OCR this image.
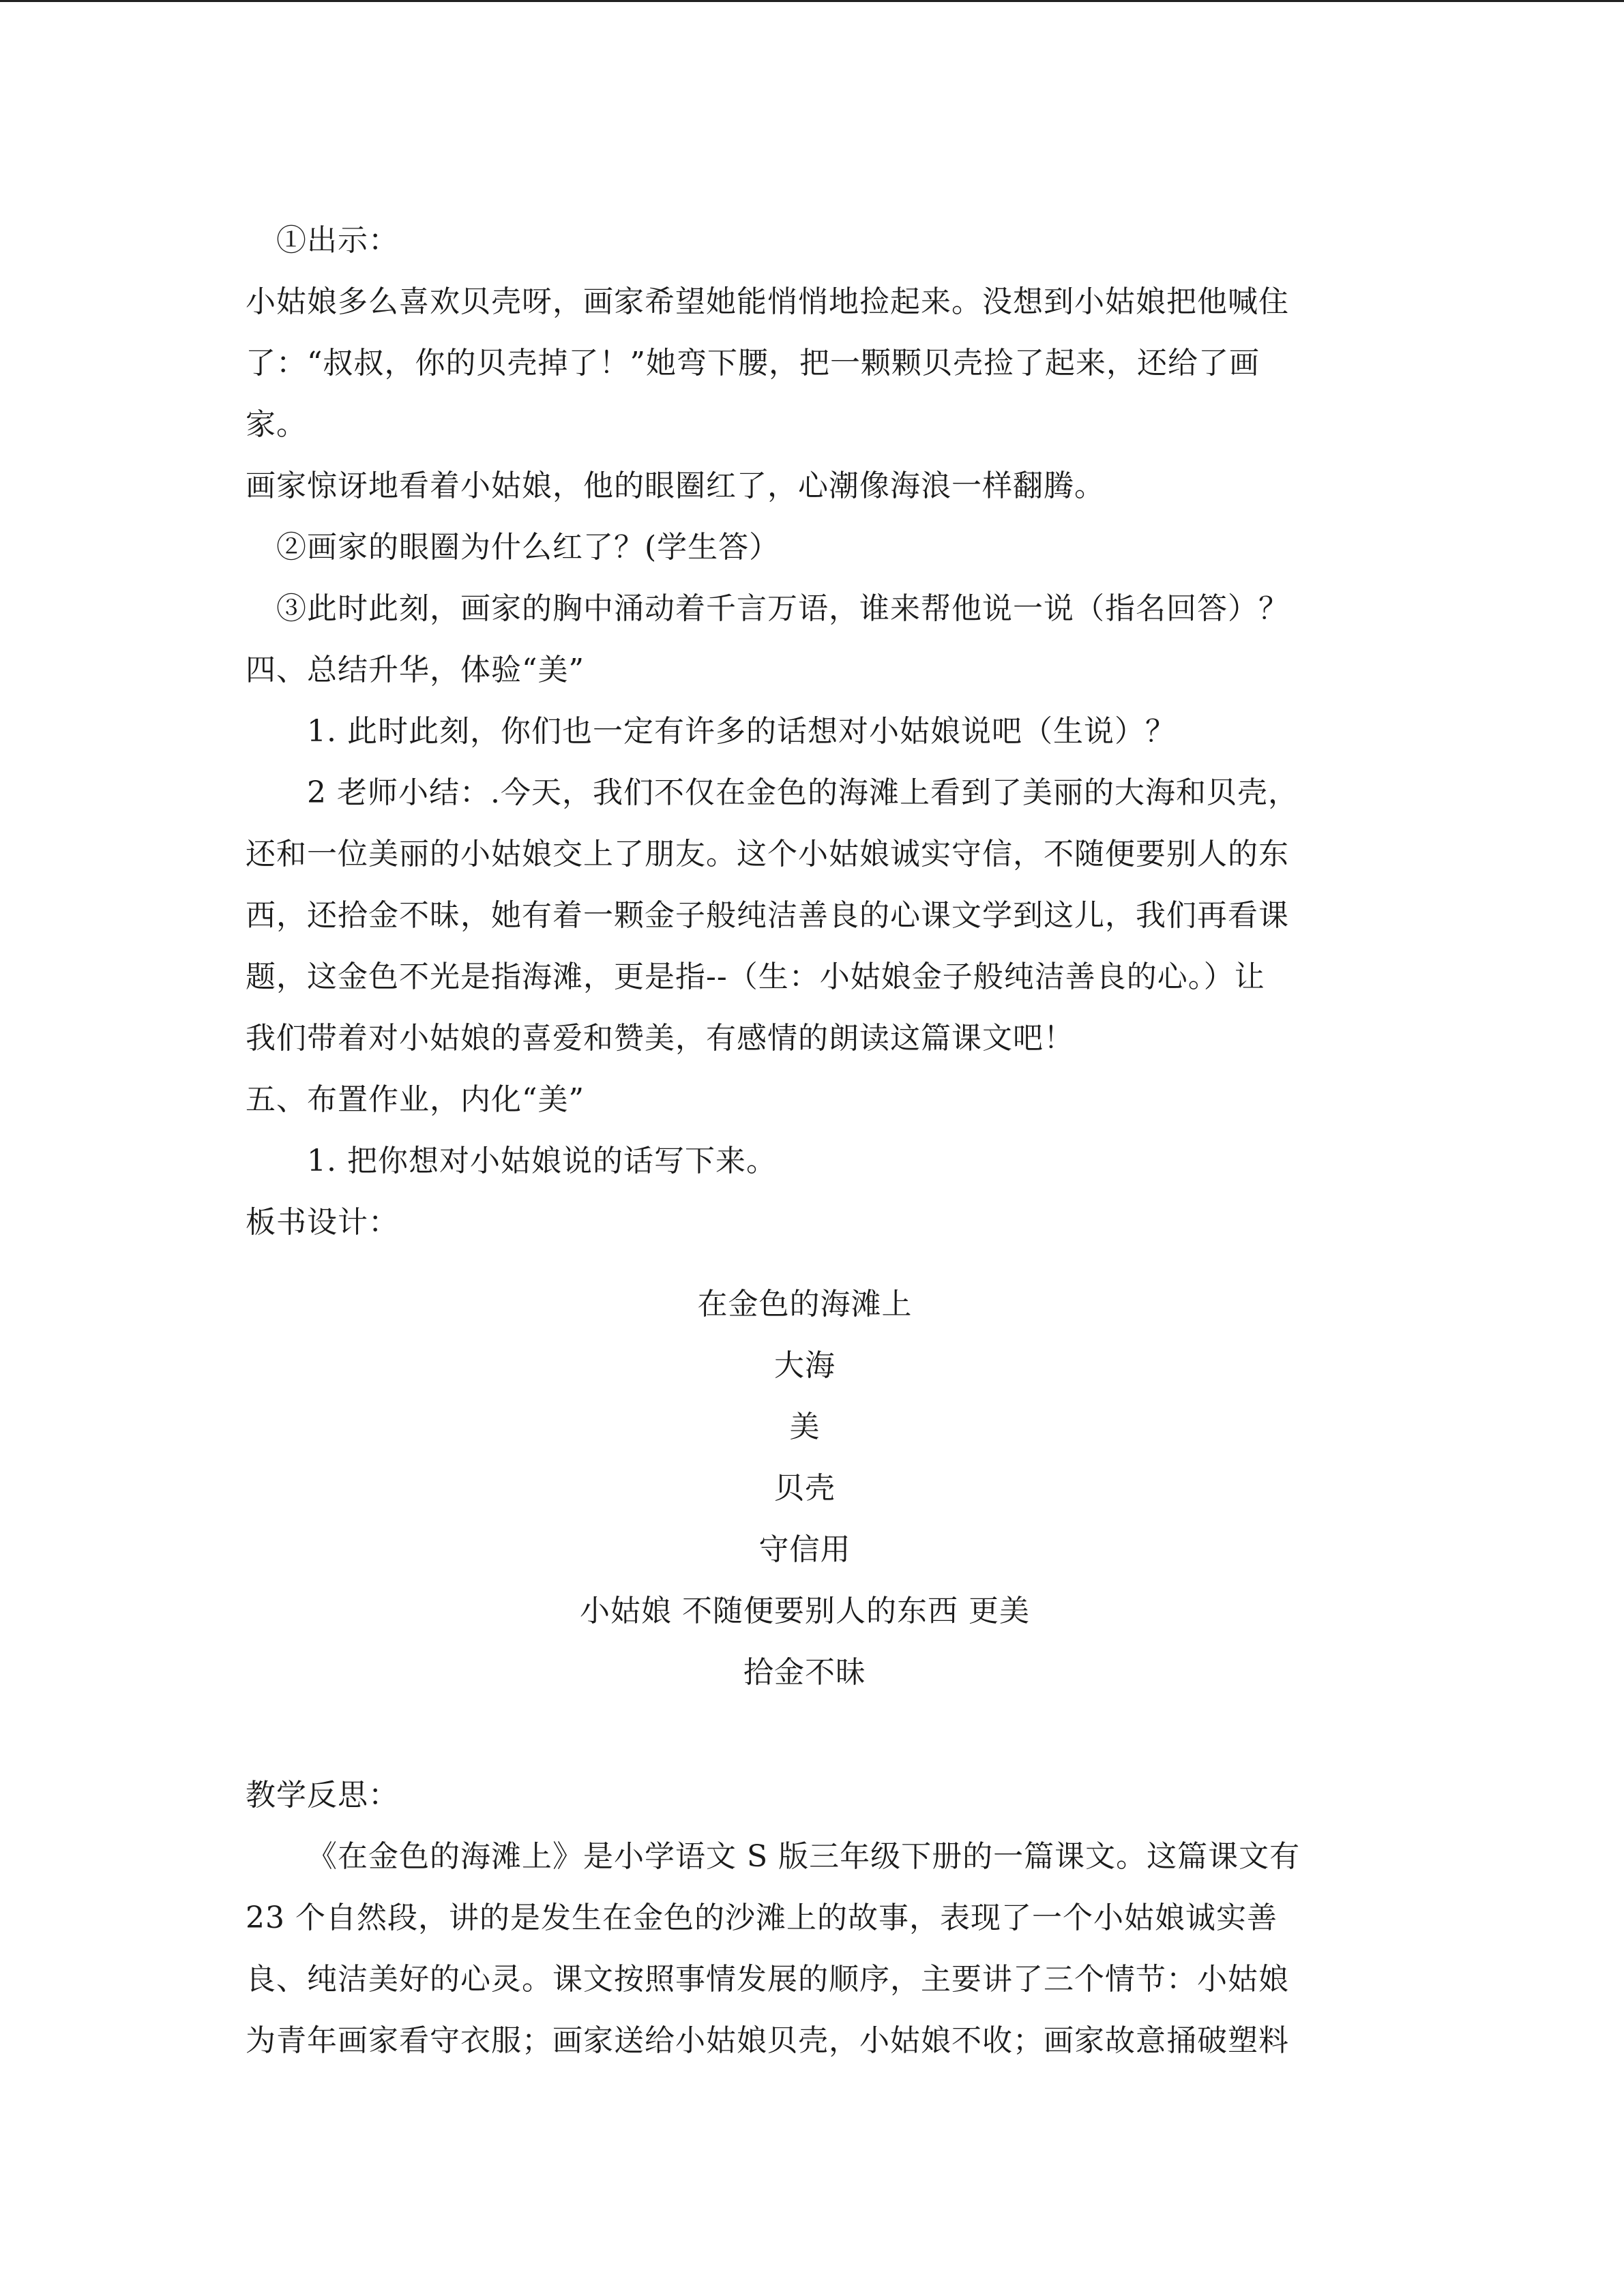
①出示：
小姑娘多么喜欢贝壳呀，画家希望她能悄悄地捡起来。没想到小姑娘把他喊住
了：“叔叔，你的贝壳掉了！”她弯下腰，把一颗颗贝壳捡了起来，还给了画
家。
画家惊讶地看着小姑娘，他的眼圈红了，心潮像海浪一样翻腾。
②画家的眼圈为什么红了？(学生答）
③此时此刻，画家的胸中涌动着千言万语，谁来帮他说一说（指名回答）？
四、总结升华，体验“美”
1. 此时此刻，你们也一定有许多的话想对小姑娘说吧（生说）？
2 老师小结：.今天，我们不仅在金色的海滩上看到了美丽的大海和贝壳，
还和一位美丽的小姑娘交上了朋友。这个小姑娘诚实守信，不随便要别人的东
西，还拾金不昧，她有着一颗金子般纯洁善良的心课文学到这儿，我们再看课
题，这金色不光是指海滩，更是指--（生：小姑娘金子般纯洁善良的心。）让
我们带着对小姑娘的喜爱和赞美，有感情的朗读这篇课文吧！
五、布置作业，内化“美”
1. 把你想对小姑娘说的话写下来。
板书设计：
在金色的海滩上
大海
美
贝壳
守信用
小姑娘 不随便要别人的东西 更美
拾金不昧
教学反思：
《在金色的海滩上》是小学语文 S 版三年级下册的一篇课文。这篇课文有
23 个自然段，讲的是发生在金色的沙滩上的故事，表现了一个小姑娘诚实善
良、纯洁美好的心灵。课文按照事情发展的顺序，主要讲了三个情节：小姑娘
为青年画家看守衣服；画家送给小姑娘贝壳，小姑娘不收；画家故意捅破塑料
